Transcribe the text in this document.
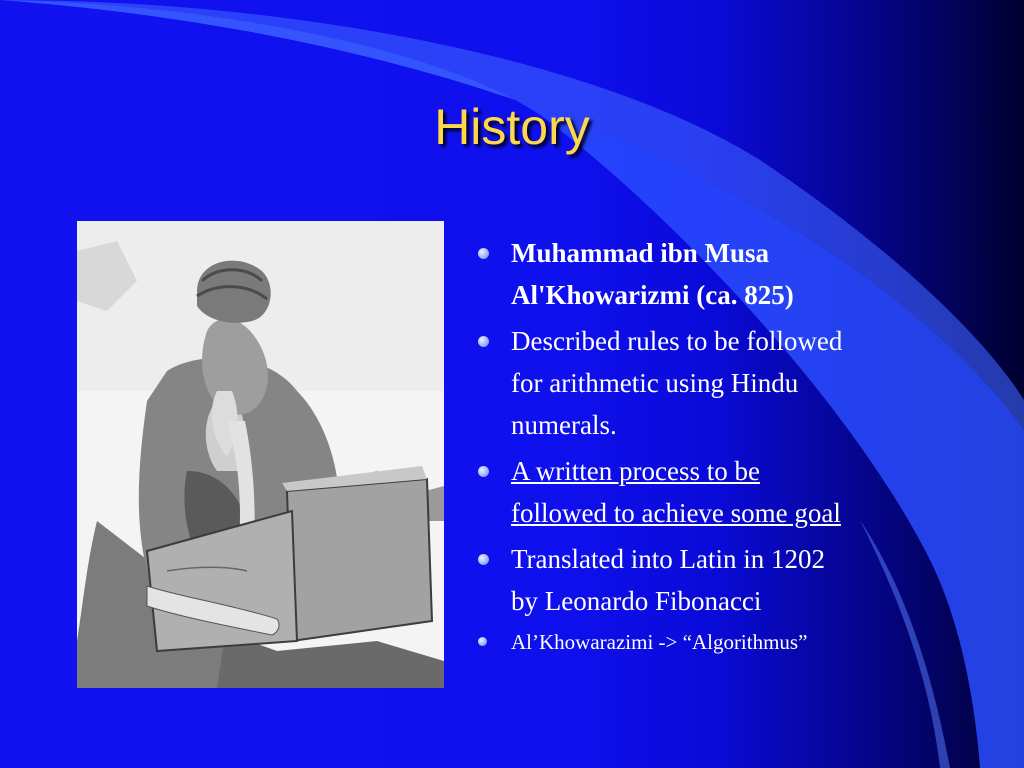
History
Muhammad ibn Musa
Al'Khowarizmi (ca. 825)
Described rules to be followed
for arithmetic using Hindu
numerals.
A written process to be
followed to achieve some goal
Translated into Latin in 1202
by Leonardo Fibonacci
Al’Khowarazimi -> “Algorithmus”
